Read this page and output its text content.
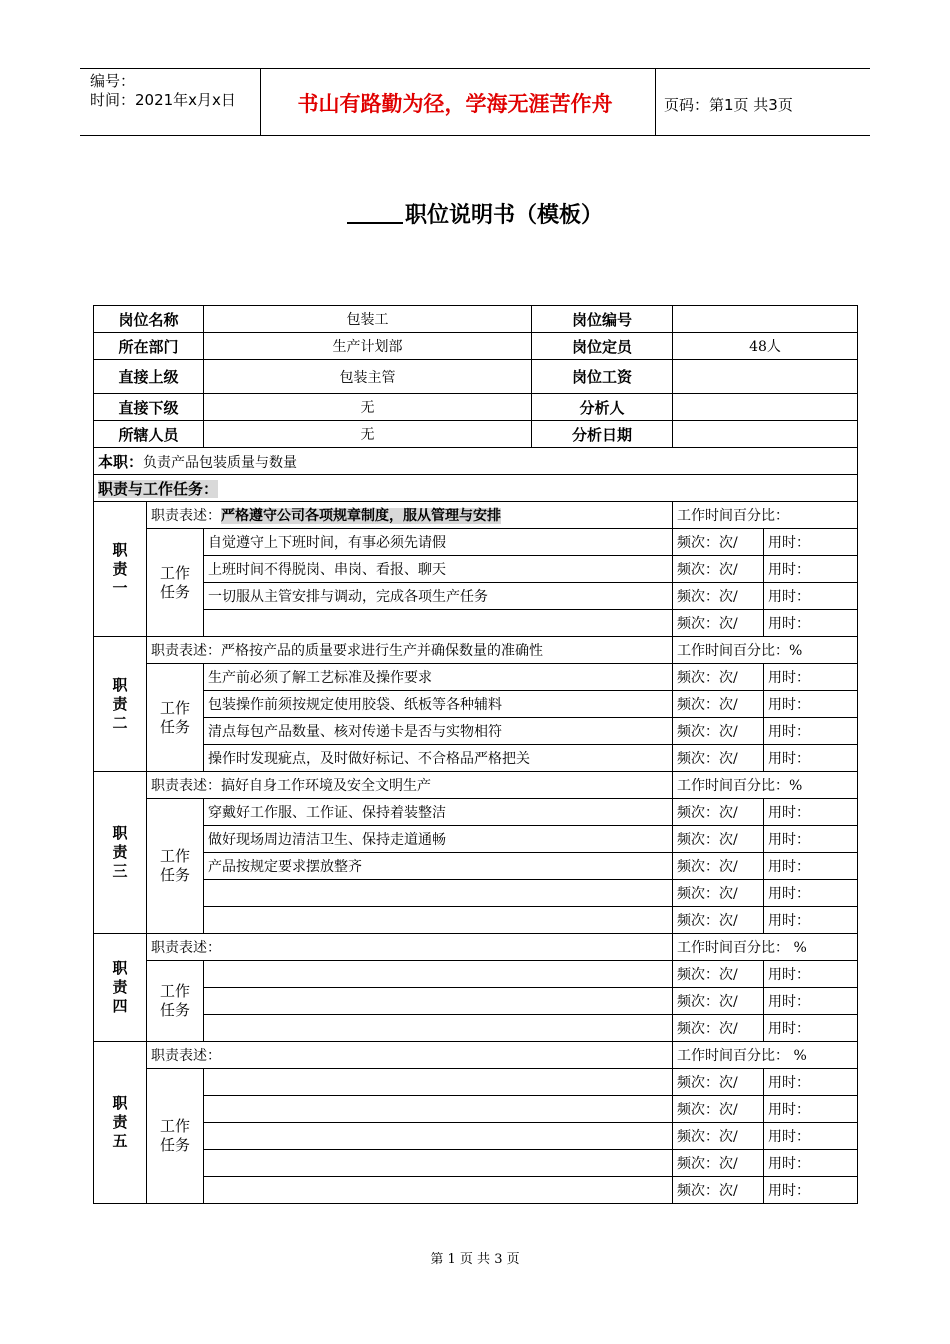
编号：
时间：2021年x月x日	书山有路勤为径，学海无涯苦作舟	页码：第1页 共3页
职位说明书（模板）
岗位名称		包装工	岗位编号		
所在部门		生产计划部	岗位定员	48人	
直接上级		包装主管	岗位工资		
直接下级		无	分析人		
所辖人员		无	分析日期		
本职：负责产品包装质量与数量					
职责与工作任务：					
职
责
一	职责表述：严格遵守公司各项规章制度，服从管理与安排			工作时间百分比：	
	工作
任务	自觉遵守上下班时间，有事必须先请假		频次：次/	用时：
		上班时间不得脱岗、串岗、看报、聊天		频次：次/	用时：
		一切服从主管安排与调动，完成各项生产任务		频次：次/	用时：
				频次：次/	用时：
职
责
二	职责表述：严格按产品的质量要求进行生产并确保数量的准确性			工作时间百分比：%	
	工作
任务	生产前必须了解工艺标准及操作要求		频次：次/	用时：
		包装操作前须按规定使用胶袋、纸板等各种辅料		频次：次/	用时：
		清点每包产品数量、核对传递卡是否与实物相符		频次：次/	用时：
		操作时发现疵点，及时做好标记、不合格品严格把关		频次：次/	用时：
职
责
三	职责表述：搞好自身工作环境及安全文明生产			工作时间百分比：%	
	工作
任务	穿戴好工作服、工作证、保持着装整洁		频次：次/	用时：
		做好现场周边清洁卫生、保持走道通畅		频次：次/	用时：
		产品按规定要求摆放整齐		频次：次/	用时：
				频次：次/	用时：
				频次：次/	用时：
职
责
四	职责表述：			工作时间百分比： %	
	工作
任务			频次：次/	用时：
				频次：次/	用时：
				频次：次/	用时：
职
责
五	职责表述：			工作时间百分比： %	
	工作
任务			频次：次/	用时：
				频次：次/	用时：
				频次：次/	用时：
				频次：次/	用时：
				频次：次/	用时：
第 1 页 共 3 页
